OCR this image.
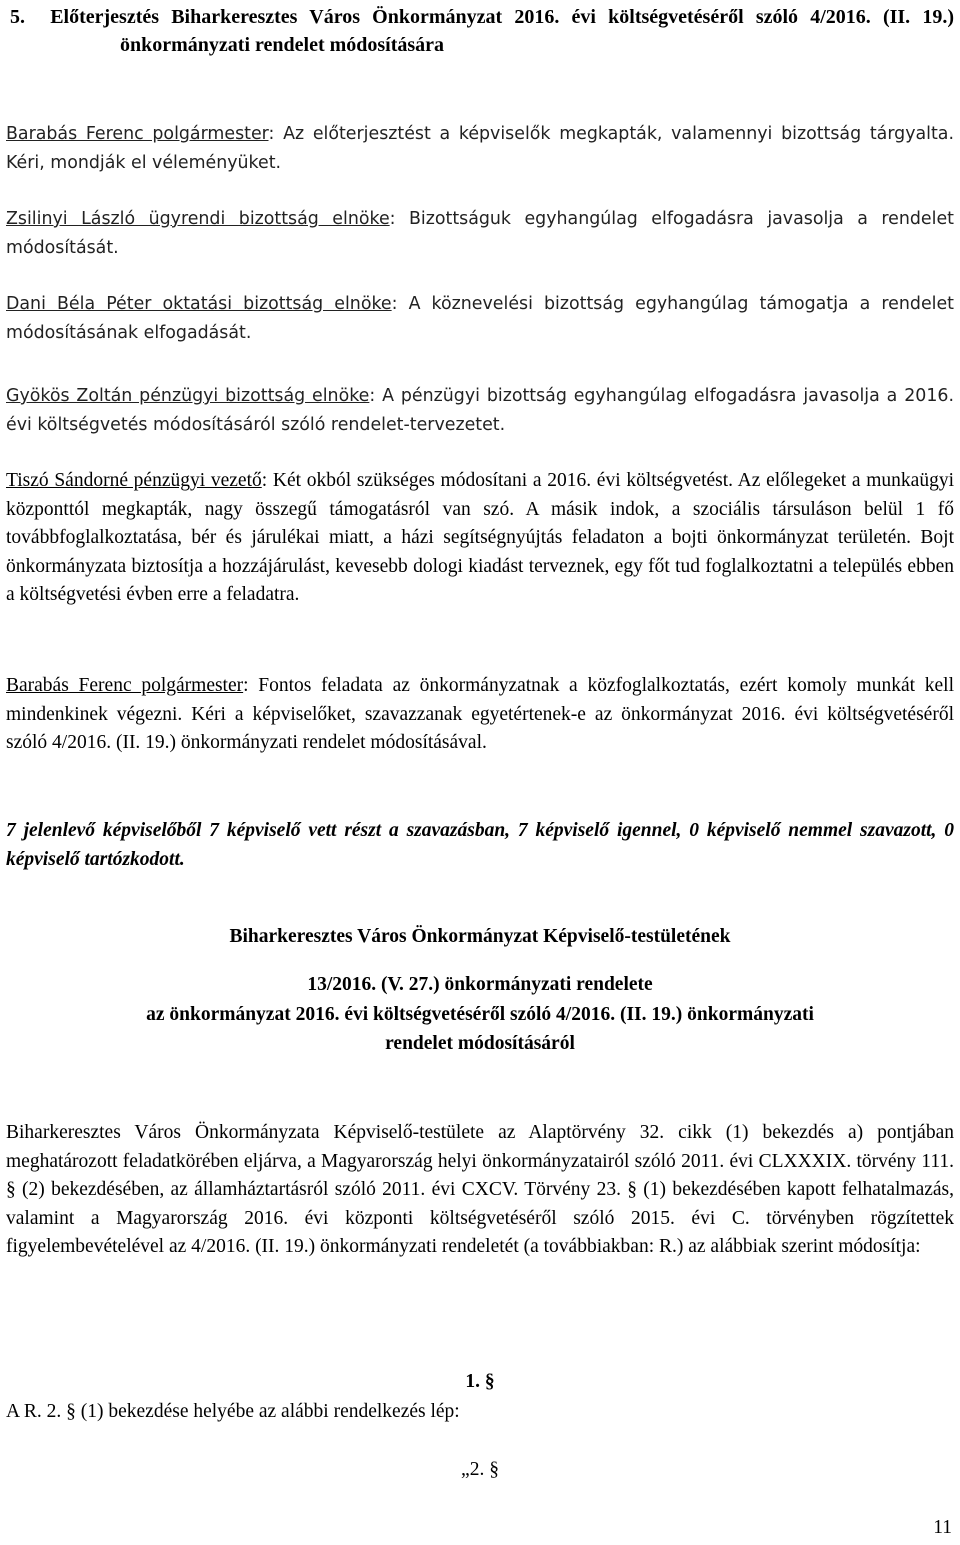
5. Előterjesztés Biharkeresztes Város Önkormányzat 2016. évi költségvetéséről szóló 4/2016. (II. 19.) önkormányzati rendelet módosítására

Barabás Ferenc polgármester: Az előterjesztést a képviselők megkapták, valamennyi bizottság tárgyalta. Kéri, mondják el véleményüket.

Zsilinyi László ügyrendi bizottság elnöke: Bizottságuk egyhangúlag elfogadásra javasolja a rendelet módosítását.

Dani Béla Péter oktatási bizottság elnöke: A köznevelési bizottság egyhangúlag támogatja a rendelet módosításának elfogadását.

Gyökös Zoltán pénzügyi bizottság elnöke: A pénzügyi bizottság egyhangúlag elfogadásra javasolja a 2016. évi költségvetés módosításáról szóló rendelet-tervezetet.

Tiszó Sándorné pénzügyi vezető: Két okból szükséges módosítani a 2016. évi költségvetést. Az előlegeket a munkaügyi központtól megkapták, nagy összegű támogatásról van szó. A másik indok, a szociális társuláson belül 1 fő továbbfoglalkoztatása, bér és járulékai miatt, a házi segítségnyújtás feladaton a bojti önkormányzat területén. Bojt önkormányzata biztosítja a hozzájárulást, kevesebb dologi kiadást terveznek, egy főt tud foglalkoztatni a település ebben a költségvetési évben erre a feladatra.

Barabás Ferenc polgármester: Fontos feladata az önkormányzatnak a közfoglalkoztatás, ezért komoly munkát kell mindenkinek végezni. Kéri a képviselőket, szavazzanak egyetértenek-e az önkormányzat 2016. évi költségvetéséről szóló 4/2016. (II. 19.) önkormányzati rendelet módosításával.

7 jelenlevő képviselőből 7 képviselő vett részt a szavazásban, 7 képviselő igennel, 0 képviselő nemmel szavazott, 0 képviselő tartózkodott.

Biharkeresztes Város Önkormányzat Képviselő-testületének

13/2016. (V. 27.) önkormányzati rendelete

az önkormányzat 2016. évi költségvetéséről szóló 4/2016. (II. 19.) önkormányzati

rendelet módosításáról

Biharkeresztes Város Önkormányzata Képviselő-testülete az Alaptörvény 32. cikk (1) bekezdés a) pontjában meghatározott feladatkörében eljárva, a Magyarország helyi önkormányzatairól szóló 2011. évi CLXXXIX. törvény 111. § (2) bekezdésében, az államháztartásról szóló 2011. évi CXCV. Törvény 23. § (1) bekezdésében kapott felhatalmazás, valamint a Magyarország 2016. évi központi költségvetéséről szóló 2015. évi C. törvényben rögzítettek figyelembevételével az 4/2016. (II. 19.) önkormányzati rendeletét (a továbbiakban: R.) az alábbiak szerint módosítja:

1. §

A R. 2. § (1) bekezdése helyébe az alábbi rendelkezés lép:

„2. §

11
